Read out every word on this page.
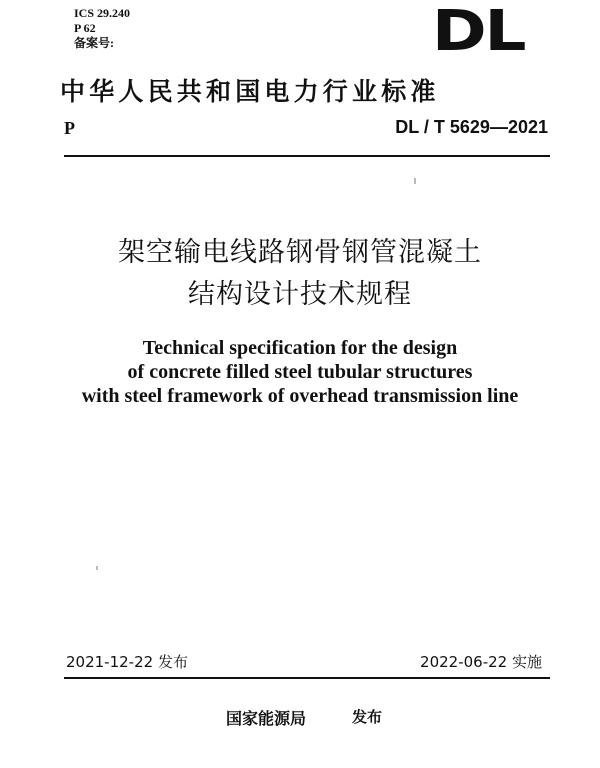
ICS 29.240
P 62
备案号:	DL
中华人民共和国电力行业标准
P	DL / T 5629—2021
架空输电线路钢骨钢管混凝土
结构设计技术规程
Technical specification for the design
of concrete filled steel tubular structures
with steel framework of overhead transmission line
2021-12-22 发布	2022-06-22 实施
国家能源局	发布
